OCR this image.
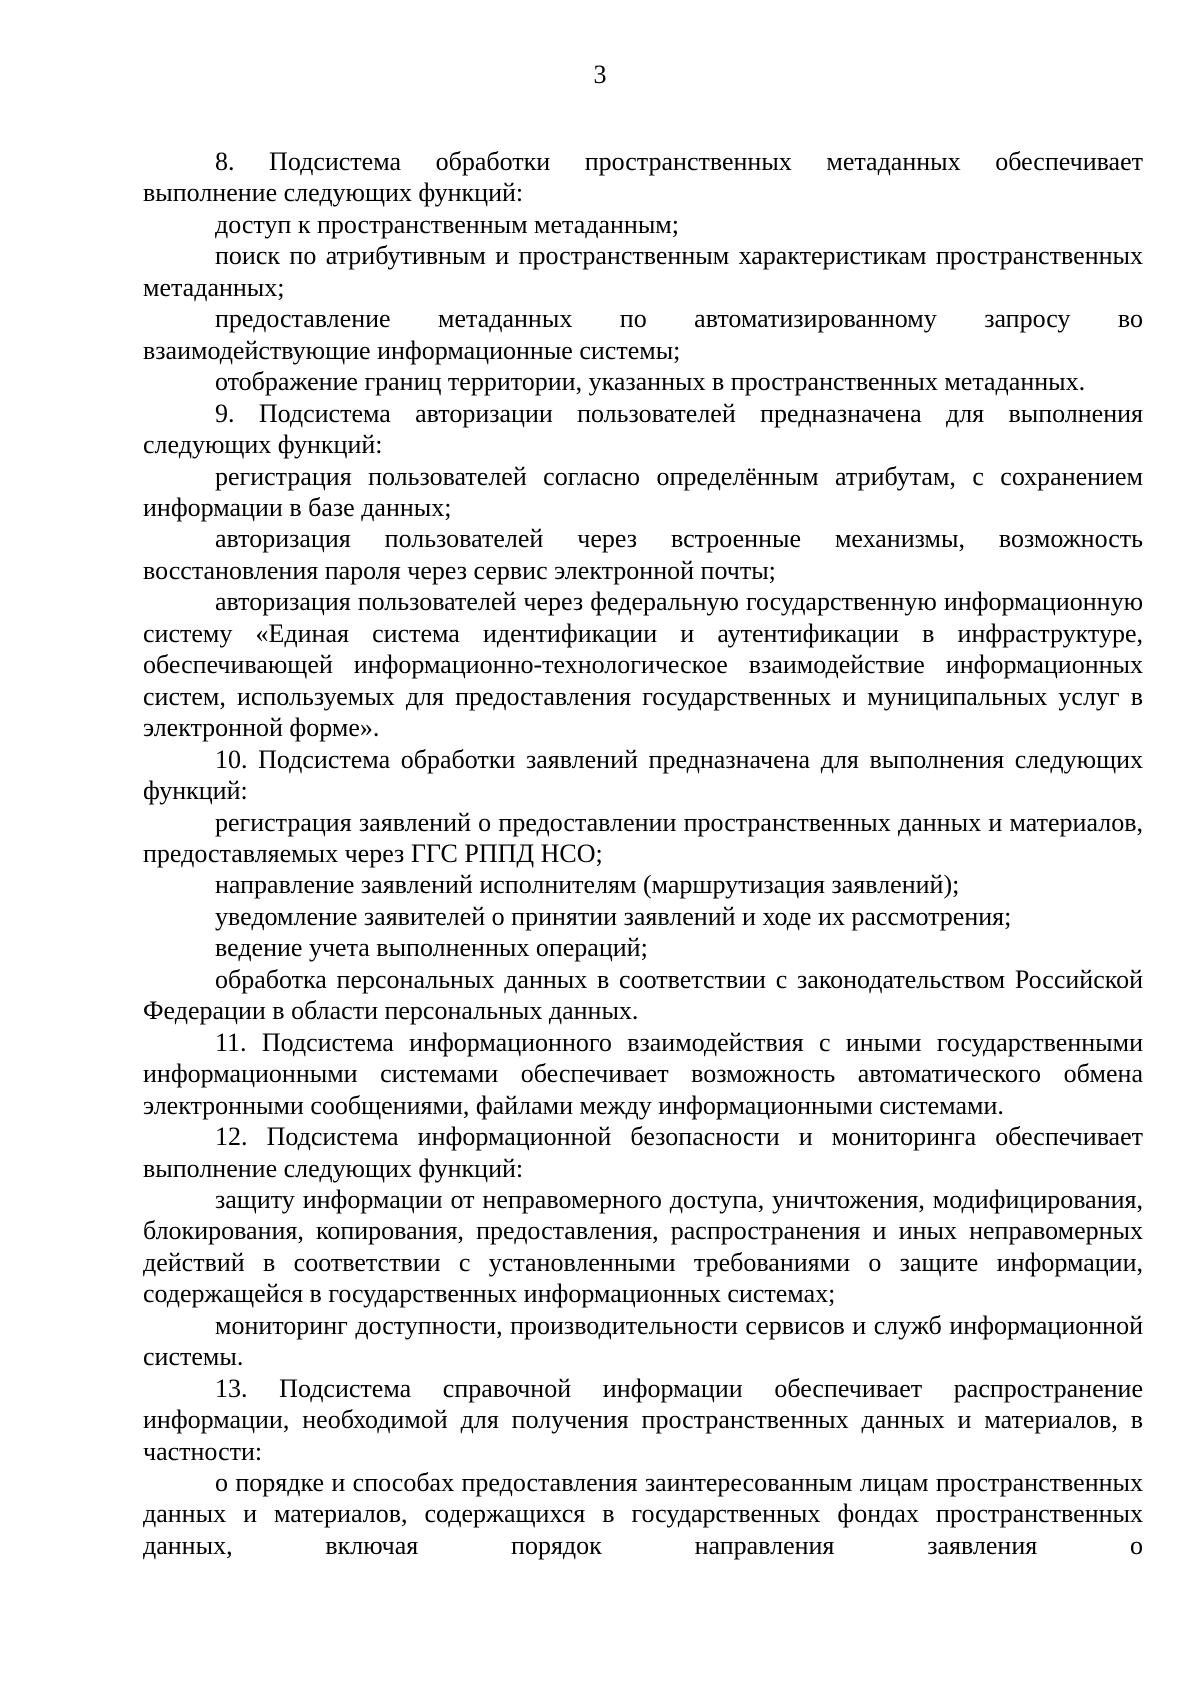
3

8. Подсистема обработки пространственных метаданных обеспечивает выполнение следующих функций:

доступ к пространственным метаданным;

поиск по атрибутивным и пространственным характеристикам пространственных метаданных;

предоставление метаданных по автоматизированному запросу во взаимодействующие информационные системы;

отображение границ территории, указанных в пространственных метаданных.

9. Подсистема авторизации пользователей предназначена для выполнения следующих функций:

регистрация пользователей согласно определённым атрибутам, с сохранением информации в базе данных;

авторизация пользователей через встроенные механизмы, возможность восстановления пароля через сервис электронной почты;

авторизация пользователей через федеральную государственную информационную систему «Единая система идентификации и аутентификации в инфраструктуре, обеспечивающей информационно-технологическое взаимодействие информационных систем, используемых для предоставления государственных и муниципальных услуг в электронной форме».

10. Подсистема обработки заявлений предназначена для выполнения следующих функций:

регистрация заявлений о предоставлении пространственных данных и материалов, предоставляемых через ГГС РППД НСО;

направление заявлений исполнителям (маршрутизация заявлений);

уведомление заявителей о принятии заявлений и ходе их рассмотрения;

ведение учета выполненных операций;

обработка персональных данных в соответствии с законодательством Российской Федерации в области персональных данных.

11. Подсистема информационного взаимодействия с иными государственными информационными системами обеспечивает возможность автоматического обмена электронными сообщениями, файлами между информационными системами.

12. Подсистема информационной безопасности и мониторинга обеспечивает выполнение следующих функций:

защиту информации от неправомерного доступа, уничтожения, модифицирования, блокирования, копирования, предоставления, распространения и иных неправомерных действий в соответствии с установленными требованиями о защите информации, содержащейся в государственных информационных системах;

мониторинг доступности, производительности сервисов и служб информационной системы.

13. Подсистема справочной информации обеспечивает распространение информации, необходимой для получения пространственных данных и материалов, в частности:

о порядке и способах предоставления заинтересованным лицам пространственных данных и материалов, содержащихся в государственных фондах пространственных данных, включая порядок направления заявления о
